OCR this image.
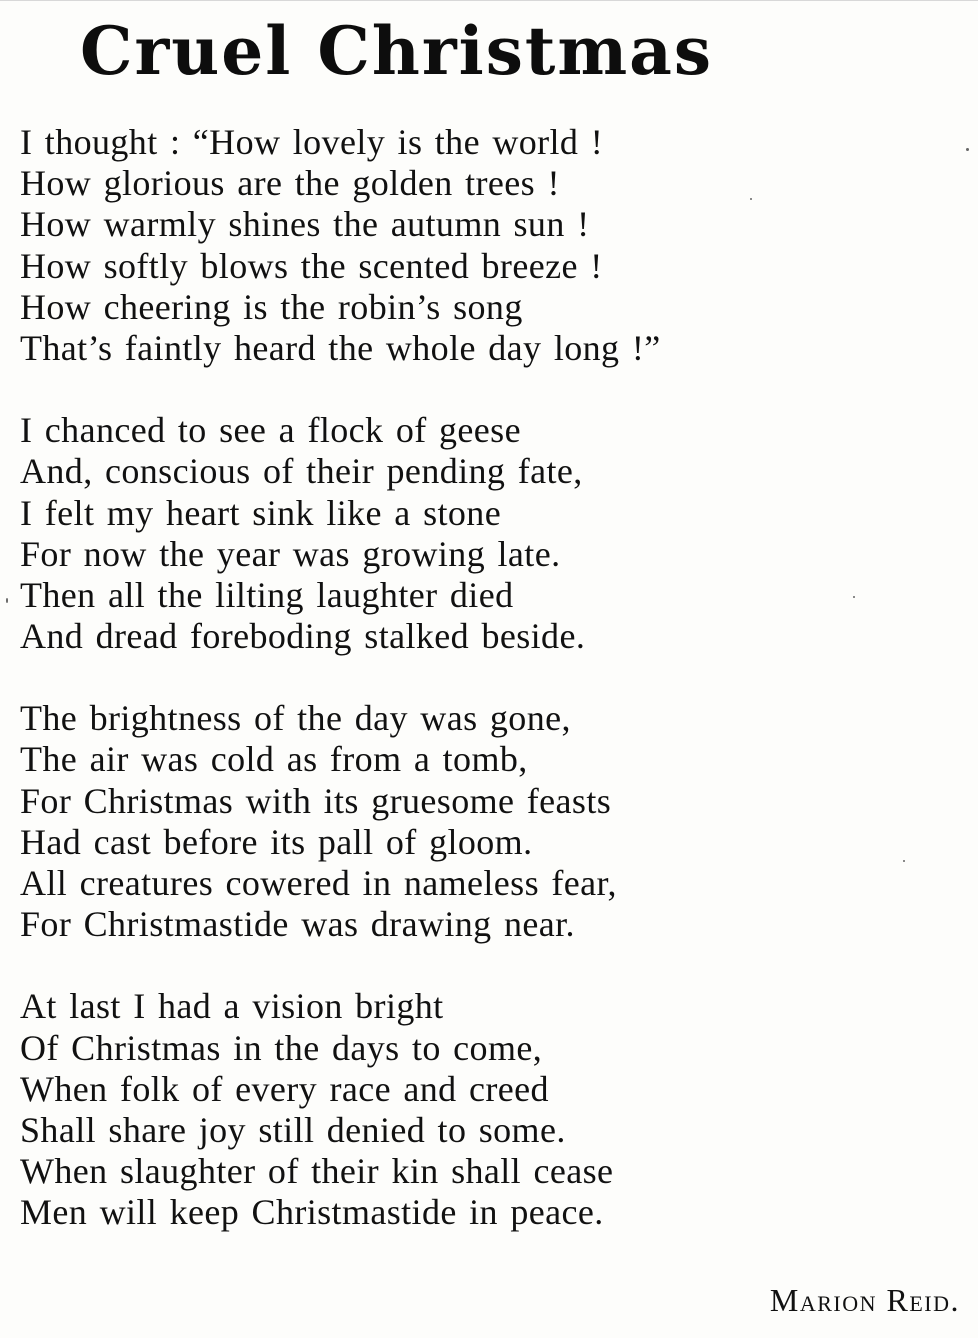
Cruel Christmas
I thought : “How lovely is the world !
How glorious are the golden trees !
How warmly shines the autumn sun !
How softly blows the scented breeze !
How cheering is the robin’s song
That’s faintly heard the whole day long !”
I chanced to see a flock of geese
And, conscious of their pending fate,
I felt my heart sink like a stone
For now the year was growing late.
Then all the lilting laughter died
And dread foreboding stalked beside.
The brightness of the day was gone,
The air was cold as from a tomb,
For Christmas with its gruesome feasts
Had cast before its pall of gloom.
All creatures cowered in nameless fear,
For Christmastide was drawing near.
At last I had a vision bright
Of Christmas in the days to come,
When folk of every race and creed
Shall share joy still denied to some.
When slaughter of their kin shall cease
Men will keep Christmastide in peace.
Marion Reid.
